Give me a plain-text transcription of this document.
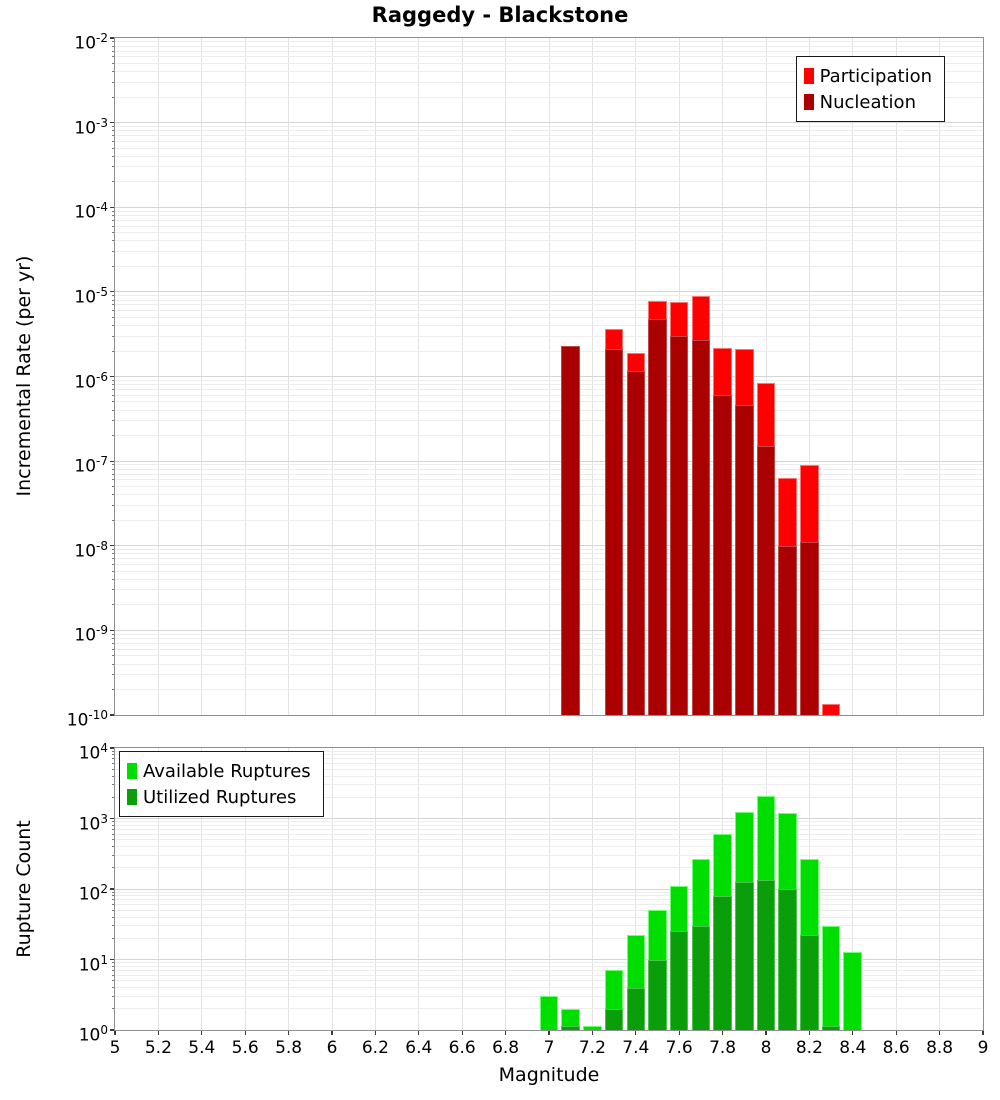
Raggedy - Blackstone
Incremental Rate (per yr)
Rupture Count
Participation
Nucleation
Available Ruptures
Utilized Ruptures
$10^{-2}$
$10^{-3}$
$10^{-4}$
$10^{-5}$
$10^{-6}$
$10^{-7}$
$10^{-8}$
$10^{-9}$
$10^{-10}$
$10^4$
$10^3$
$10^2$
$10^1$
$10^0$
5 5.2 5.4 5.6 5.8 6 6.2 6.4 6.6 6.8 7 7.2 7.4 7.6 7.8 8 8.2 8.4 8.6 8.8 9
Magnitude
